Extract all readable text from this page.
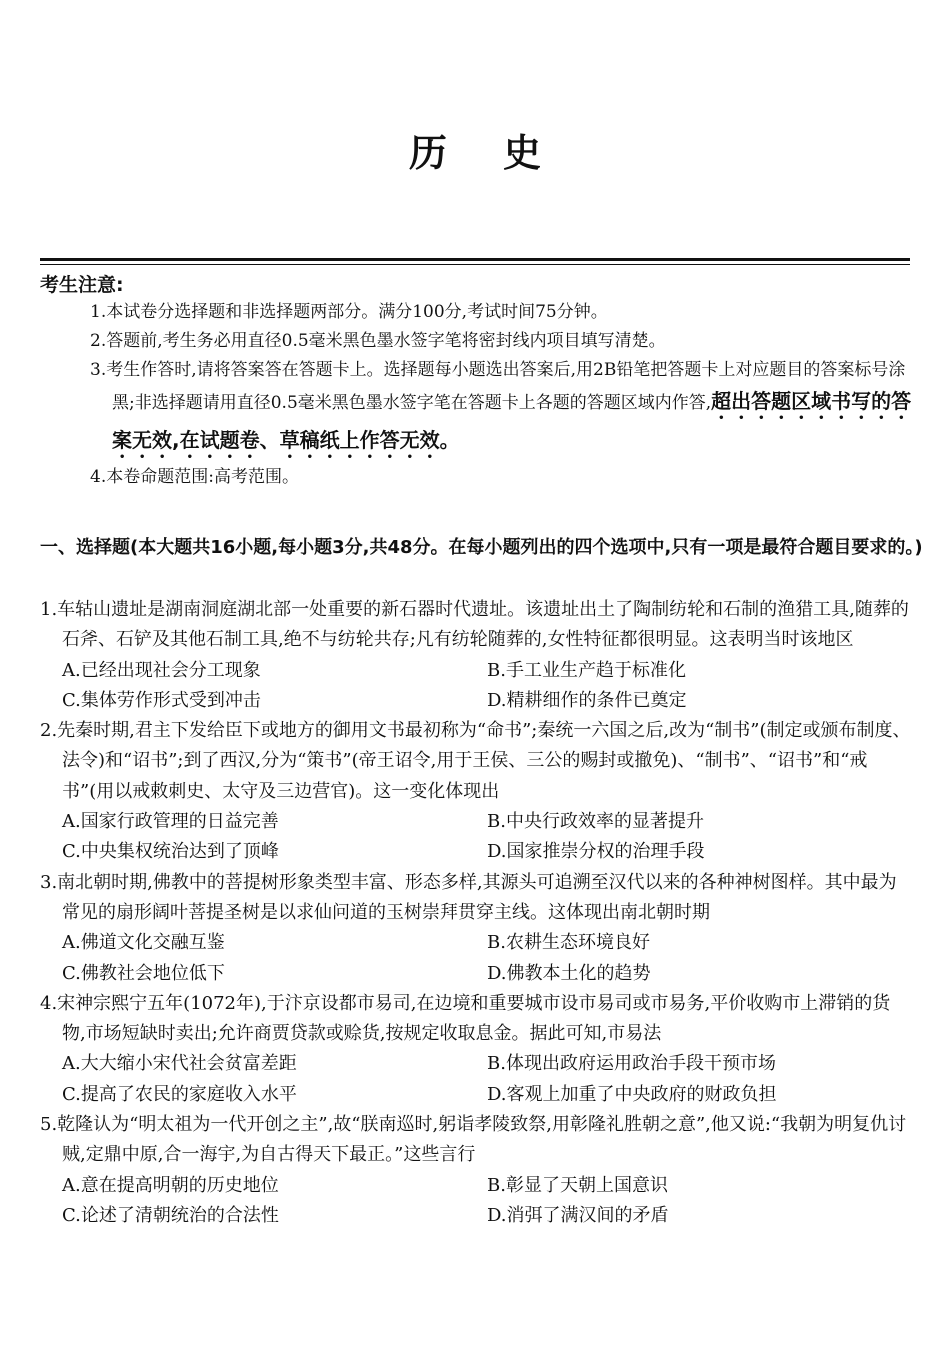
历史
考生注意:
1.本试卷分选择题和非选择题两部分。满分100分,考试时间75分钟。
2.答题前,考生务必用直径0.5毫米黑色墨水签字笔将密封线内项目填写清楚。
3.考生作答时,请将答案答在答题卡上。选择题每小题选出答案后,用2B铅笔把答题卡上对应题目的答案标号涂黑;非选择题请用直径0.5毫米黑色墨水签字笔在答题卡上各题的答题区域内作答,超出答题区域书写的答案无效,在试题卷、草稿纸上作答无效。
4.本卷命题范围:高考范围。
一、选择题(本大题共16小题,每小题3分,共48分。在每小题列出的四个选项中,只有一项是最符合题目要求的。)
1.车轱山遗址是湖南洞庭湖北部一处重要的新石器时代遗址。该遗址出土了陶制纺轮和石制的渔猎工具,随葬的石斧、石铲及其他石制工具,绝不与纺轮共存;凡有纺轮随葬的,女性特征都很明显。这表明当时该地区
A.已经出现社会分工现象	B.手工业生产趋于标准化
C.集体劳作形式受到冲击	D.精耕细作的条件已奠定
2.先秦时期,君主下发给臣下或地方的御用文书最初称为“命书”;秦统一六国之后,改为“制书”(制定或颁布制度、法令)和“诏书”;到了西汉,分为“策书”(帝王诏令,用于王侯、三公的赐封或撤免)、“制书”、“诏书”和“戒书”(用以戒敕刺史、太守及三边营官)。这一变化体现出
A.国家行政管理的日益完善	B.中央行政效率的显著提升
C.中央集权统治达到了顶峰	D.国家推崇分权的治理手段
3.南北朝时期,佛教中的菩提树形象类型丰富、形态多样,其源头可追溯至汉代以来的各种神树图样。其中最为常见的扇形阔叶菩提圣树是以求仙问道的玉树崇拜贯穿主线。这体现出南北朝时期
A.佛道文化交融互鉴	B.农耕生态环境良好
C.佛教社会地位低下	D.佛教本土化的趋势
4.宋神宗熙宁五年(1072年),于汴京设都市易司,在边境和重要城市设市易司或市易务,平价收购市上滞销的货物,市场短缺时卖出;允许商贾贷款或赊货,按规定收取息金。据此可知,市易法
A.大大缩小宋代社会贫富差距	B.体现出政府运用政治手段干预市场
C.提高了农民的家庭收入水平	D.客观上加重了中央政府的财政负担
5.乾隆认为“明太祖为一代开创之主”,故“朕南巡时,躬诣孝陵致祭,用彰隆礼胜朝之意”,他又说:“我朝为明复仇讨贼,定鼎中原,合一海宇,为自古得天下最正。”这些言行
A.意在提高明朝的历史地位	B.彰显了天朝上国意识
C.论述了清朝统治的合法性	D.消弭了满汉间的矛盾
